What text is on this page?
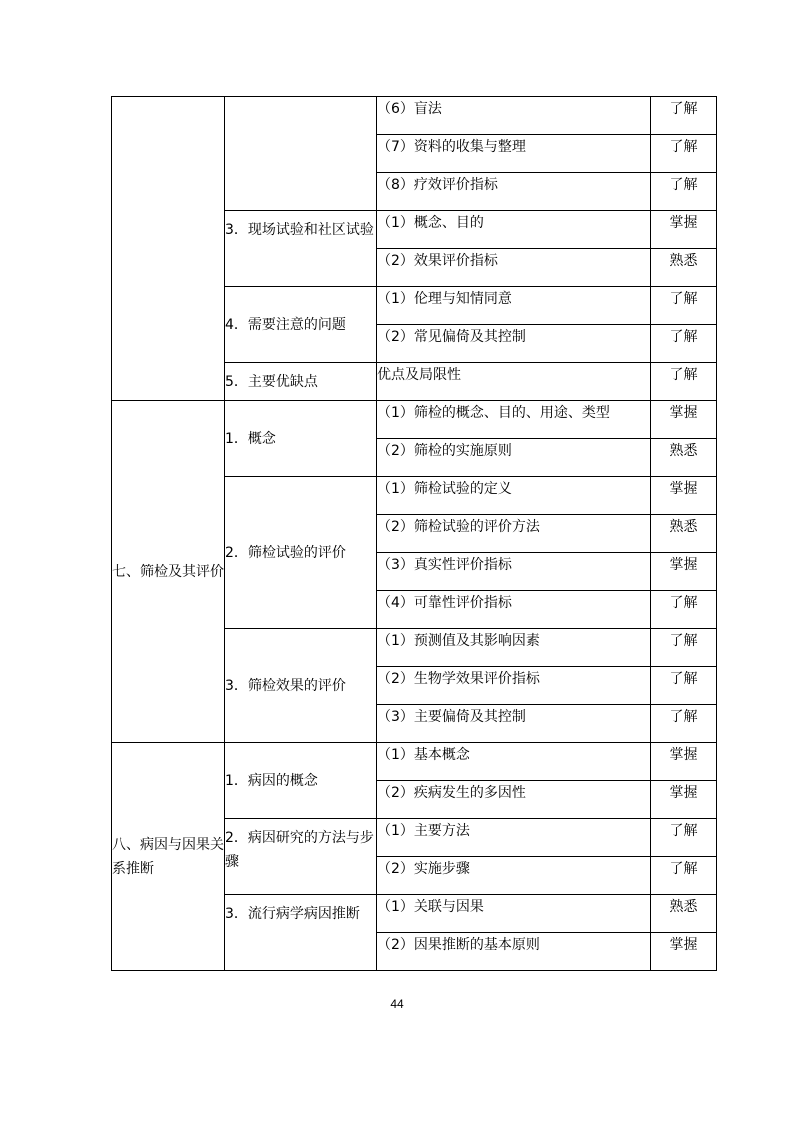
		（6）盲法	了解
		（7）资料的收集与整理	了解
		（8）疗效评价指标	了解
	3．现场试验和社区试验	（1）概念、目的	掌握
		（2）效果评价指标	熟悉
	4．需要注意的问题	（1）伦理与知情同意	了解
		（2）常见偏倚及其控制	了解
	5．主要优缺点	优点及局限性	了解
七、筛检及其评价	1．概念	（1）筛检的概念、目的、用途、类型	掌握
		（2）筛检的实施原则	熟悉
	2．筛检试验的评价	（1）筛检试验的定义	掌握
		（2）筛检试验的评价方法	熟悉
		（3）真实性评价指标	掌握
		（4）可靠性评价指标	了解
	3．筛检效果的评价	（1）预测值及其影响因素	了解
		（2）生物学效果评价指标	了解
		（3）主要偏倚及其控制	了解
八、病因与因果关系推断	1．病因的概念	（1）基本概念	掌握
		（2）疾病发生的多因性	掌握
	2．病因研究的方法与步骤	（1）主要方法	了解
		（2）实施步骤	了解
	3．流行病学病因推断	（1）关联与因果	熟悉
		（2）因果推断的基本原则	掌握
44
